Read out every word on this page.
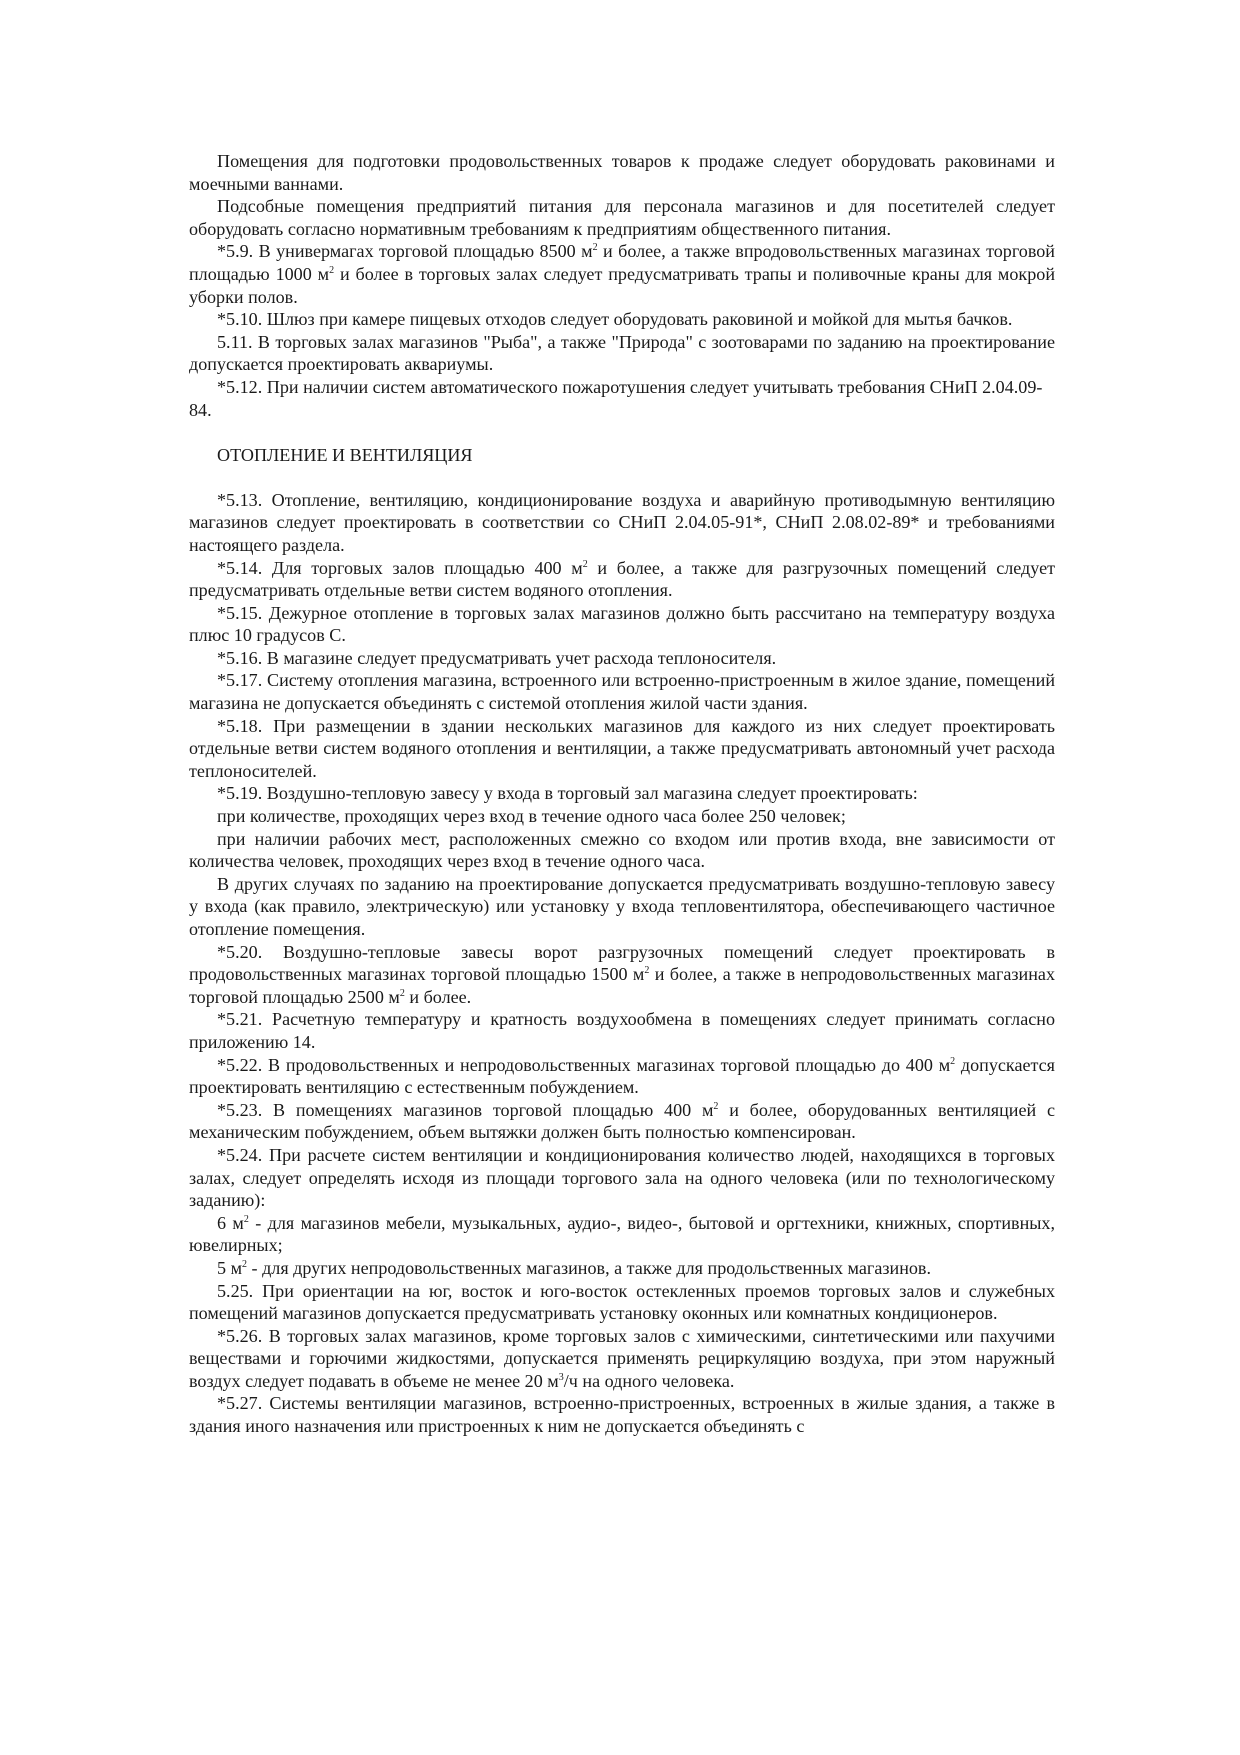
Помещения для подготовки продовольственных товаров к продаже следует оборудовать раковинами и моечными ваннами.

Подсобные помещения предприятий питания для персонала магазинов и для посетителей следует оборудовать согласно нормативным требованиям к предприятиям общественного питания.

*5.9. В универмагах торговой площадью 8500 $м^2$ и более, а также впродовольственных магазинах торговой площадью 1000 $м^2$ и более в торговых залах следует предусматривать трапы и поливочные краны для мокрой уборки полов.

*5.10. Шлюз при камере пищевых отходов следует оборудовать раковиной и мойкой для мытья бачков.

5.11. В торговых залах магазинов "Рыба", а также "Природа" с зоотоварами по заданию на проектирование допускается проектировать аквариумы.

*5.12. При наличии систем автоматического пожаротушения следует учитывать требования СНиП 2.04.09-84.

ОТОПЛЕНИЕ И ВЕНТИЛЯЦИЯ

*5.13. Отопление, вентиляцию, кондиционирование воздуха и аварийную противодымную вентиляцию магазинов следует проектировать в соответствии со СНиП 2.04.05-91*, СНиП 2.08.02-89* и требованиями настоящего раздела.

*5.14. Для торговых залов площадью 400 $м^2$ и более, а также для разгрузочных помещений следует предусматривать отдельные ветви систем водяного отопления.

*5.15. Дежурное отопление в торговых залах магазинов должно быть рассчитано на температуру воздуха плюс 10 градусов С.

*5.16. В магазине следует предусматривать учет расхода теплоносителя.

*5.17. Систему отопления магазина, встроенного или встроенно-пристроенным в жилое здание, помещений магазина не допускается объединять с системой отопления жилой части здания.

*5.18. При размещении в здании нескольких магазинов для каждого из них следует проектировать отдельные ветви систем водяного отопления и вентиляции, а также предусматривать автономный учет расхода теплоносителей.

*5.19. Воздушно-тепловую завесу у входа в торговый зал магазина следует проектировать:

при количестве, проходящих через вход в течение одного часа более 250 человек;

при наличии рабочих мест, расположенных смежно со входом или против входа, вне зависимости от количества человек, проходящих через вход в течение одного часа.

В других случаях по заданию на проектирование допускается предусматривать воздушно-тепловую завесу у входа (как правило, электрическую) или установку у входа тепловентилятора, обеспечивающего частичное отопление помещения.

*5.20. Воздушно-тепловые завесы ворот разгрузочных помещений следует проектировать в продовольственных магазинах торговой площадью 1500 $м^2$ и более, а также в непродовольственных магазинах торговой площадью 2500 $м^2$ и более.

*5.21. Расчетную температуру и кратность воздухообмена в помещениях следует принимать согласно приложению 14.

*5.22. В продовольственных и непродовольственных магазинах торговой площадью до 400 $м^2$ допускается проектировать вентиляцию с естественным побуждением.

*5.23. В помещениях магазинов торговой площадью 400 $м^2$ и более, оборудованных вентиляцией с механическим побуждением, объем вытяжки должен быть полностью компенсирован.

*5.24. При расчете систем вентиляции и кондиционирования количество людей, находящихся в торговых залах, следует определять исходя из площади торгового зала на одного человека (или по технологическому заданию):

6 $м^2$ - для магазинов мебели, музыкальных, аудио-, видео-, бытовой и оргтехники, книжных, спортивных, ювелирных;

5 $м^2$ - для других непродовольственных магазинов, а также для продольственных магазинов.

5.25. При ориентации на юг, восток и юго-восток остекленных проемов торговых залов и служебных помещений магазинов допускается предусматривать установку оконных или комнатных кондиционеров.

*5.26. В торговых залах магазинов, кроме торговых залов с химическими, синтетическими или пахучими веществами и горючими жидкостями, допускается применять рециркуляцию воздуха, при этом наружный воздух следует подавать в объеме не менее 20 $м^3/ч$ на одного человека.

*5.27. Системы вентиляции магазинов, встроенно-пристроенных, встроенных в жилые здания, а также в здания иного назначения или пристроенных к ним не допускается объединять с
